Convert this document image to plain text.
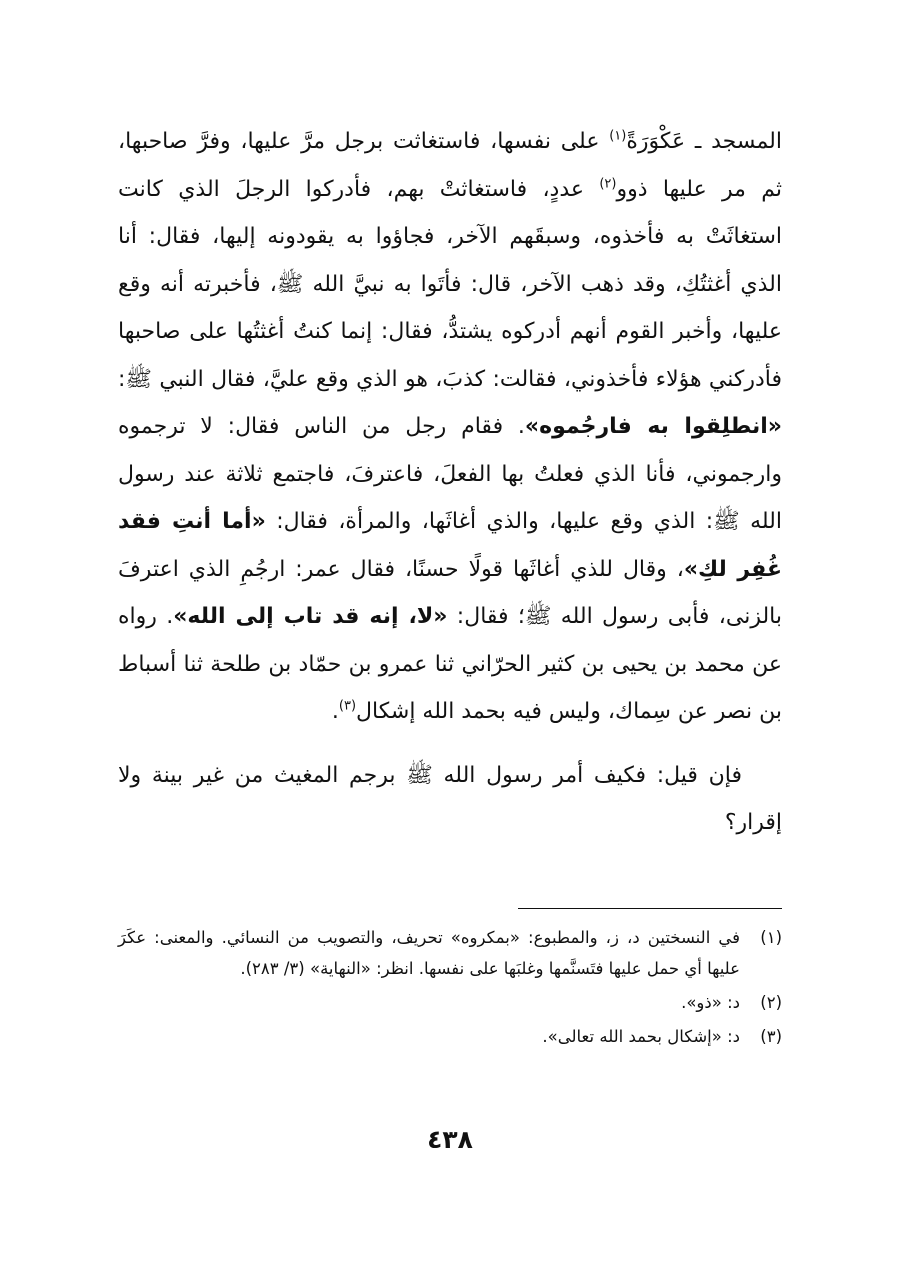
المسجد ـ عَكْوَرَةً$^{(١)}$ على نفسها، فاستغاثت برجل مرَّ عليها، وفرَّ صاحبها، ثم مر عليها ذوو$^{(٢)}$ عددٍ، فاستغاثتْ بهم، فأدركوا الرجلَ الذي كانت استغاثَتْ به فأخذوه، وسبقَهم الآخر، فجاؤوا به يقودونه إليها، فقال: أنا الذي أغثتُكِ، وقد ذهب الآخر، قال: فأتَوا به نبيَّ الله ﷺ، فأخبرته أنه وقع عليها، وأخبر القوم أنهم أدركوه يشتدُّ، فقال: إنما كنتُ أغثتُها على صاحبها فأدركني هؤلاء فأخذوني، فقالت: كذبَ، هو الذي وقع عليَّ، فقال النبي ﷺ: «انطلِقوا به فارجُموه». فقام رجل من الناس فقال: لا ترجموه وارجموني، فأنا الذي فعلتُ بها الفعلَ، فاعترفَ، فاجتمع ثلاثة عند رسول الله ﷺ: الذي وقع عليها، والذي أغاثَها، والمرأة، فقال: «أما أنتِ فقد غُفِر لكِ»، وقال للذي أغاثَها قولًا حسنًا، فقال عمر: ارجُمِ الذي اعترفَ بالزنى، فأبى رسول الله ﷺ؛ فقال: «لا، إنه قد تاب إلى الله». رواه عن محمد بن يحيى بن كثير الحرّاني ثنا عمرو بن حمّاد بن طلحة ثنا أسباط بن نصر عن سِماك، وليس فيه بحمد الله إشكال$^{(٣)}$.

فإن قيل: فكيف أمر رسول الله ﷺ برجم المغيث من غير بينة ولا إقرار؟

(١)
في النسختين د، ز، والمطبوع: «بمكروه» تحريف، والتصويب من النسائي. والمعنى: عكَرَ عليها أي حمل عليها فتَسنَّمها وغلبَها على نفسها. انظر: «النهاية» (٣/ ٢٨٣).
(٢)
د: «ذو».
(٣)
د: «إشكال بحمد الله تعالى».
٤٣٨
